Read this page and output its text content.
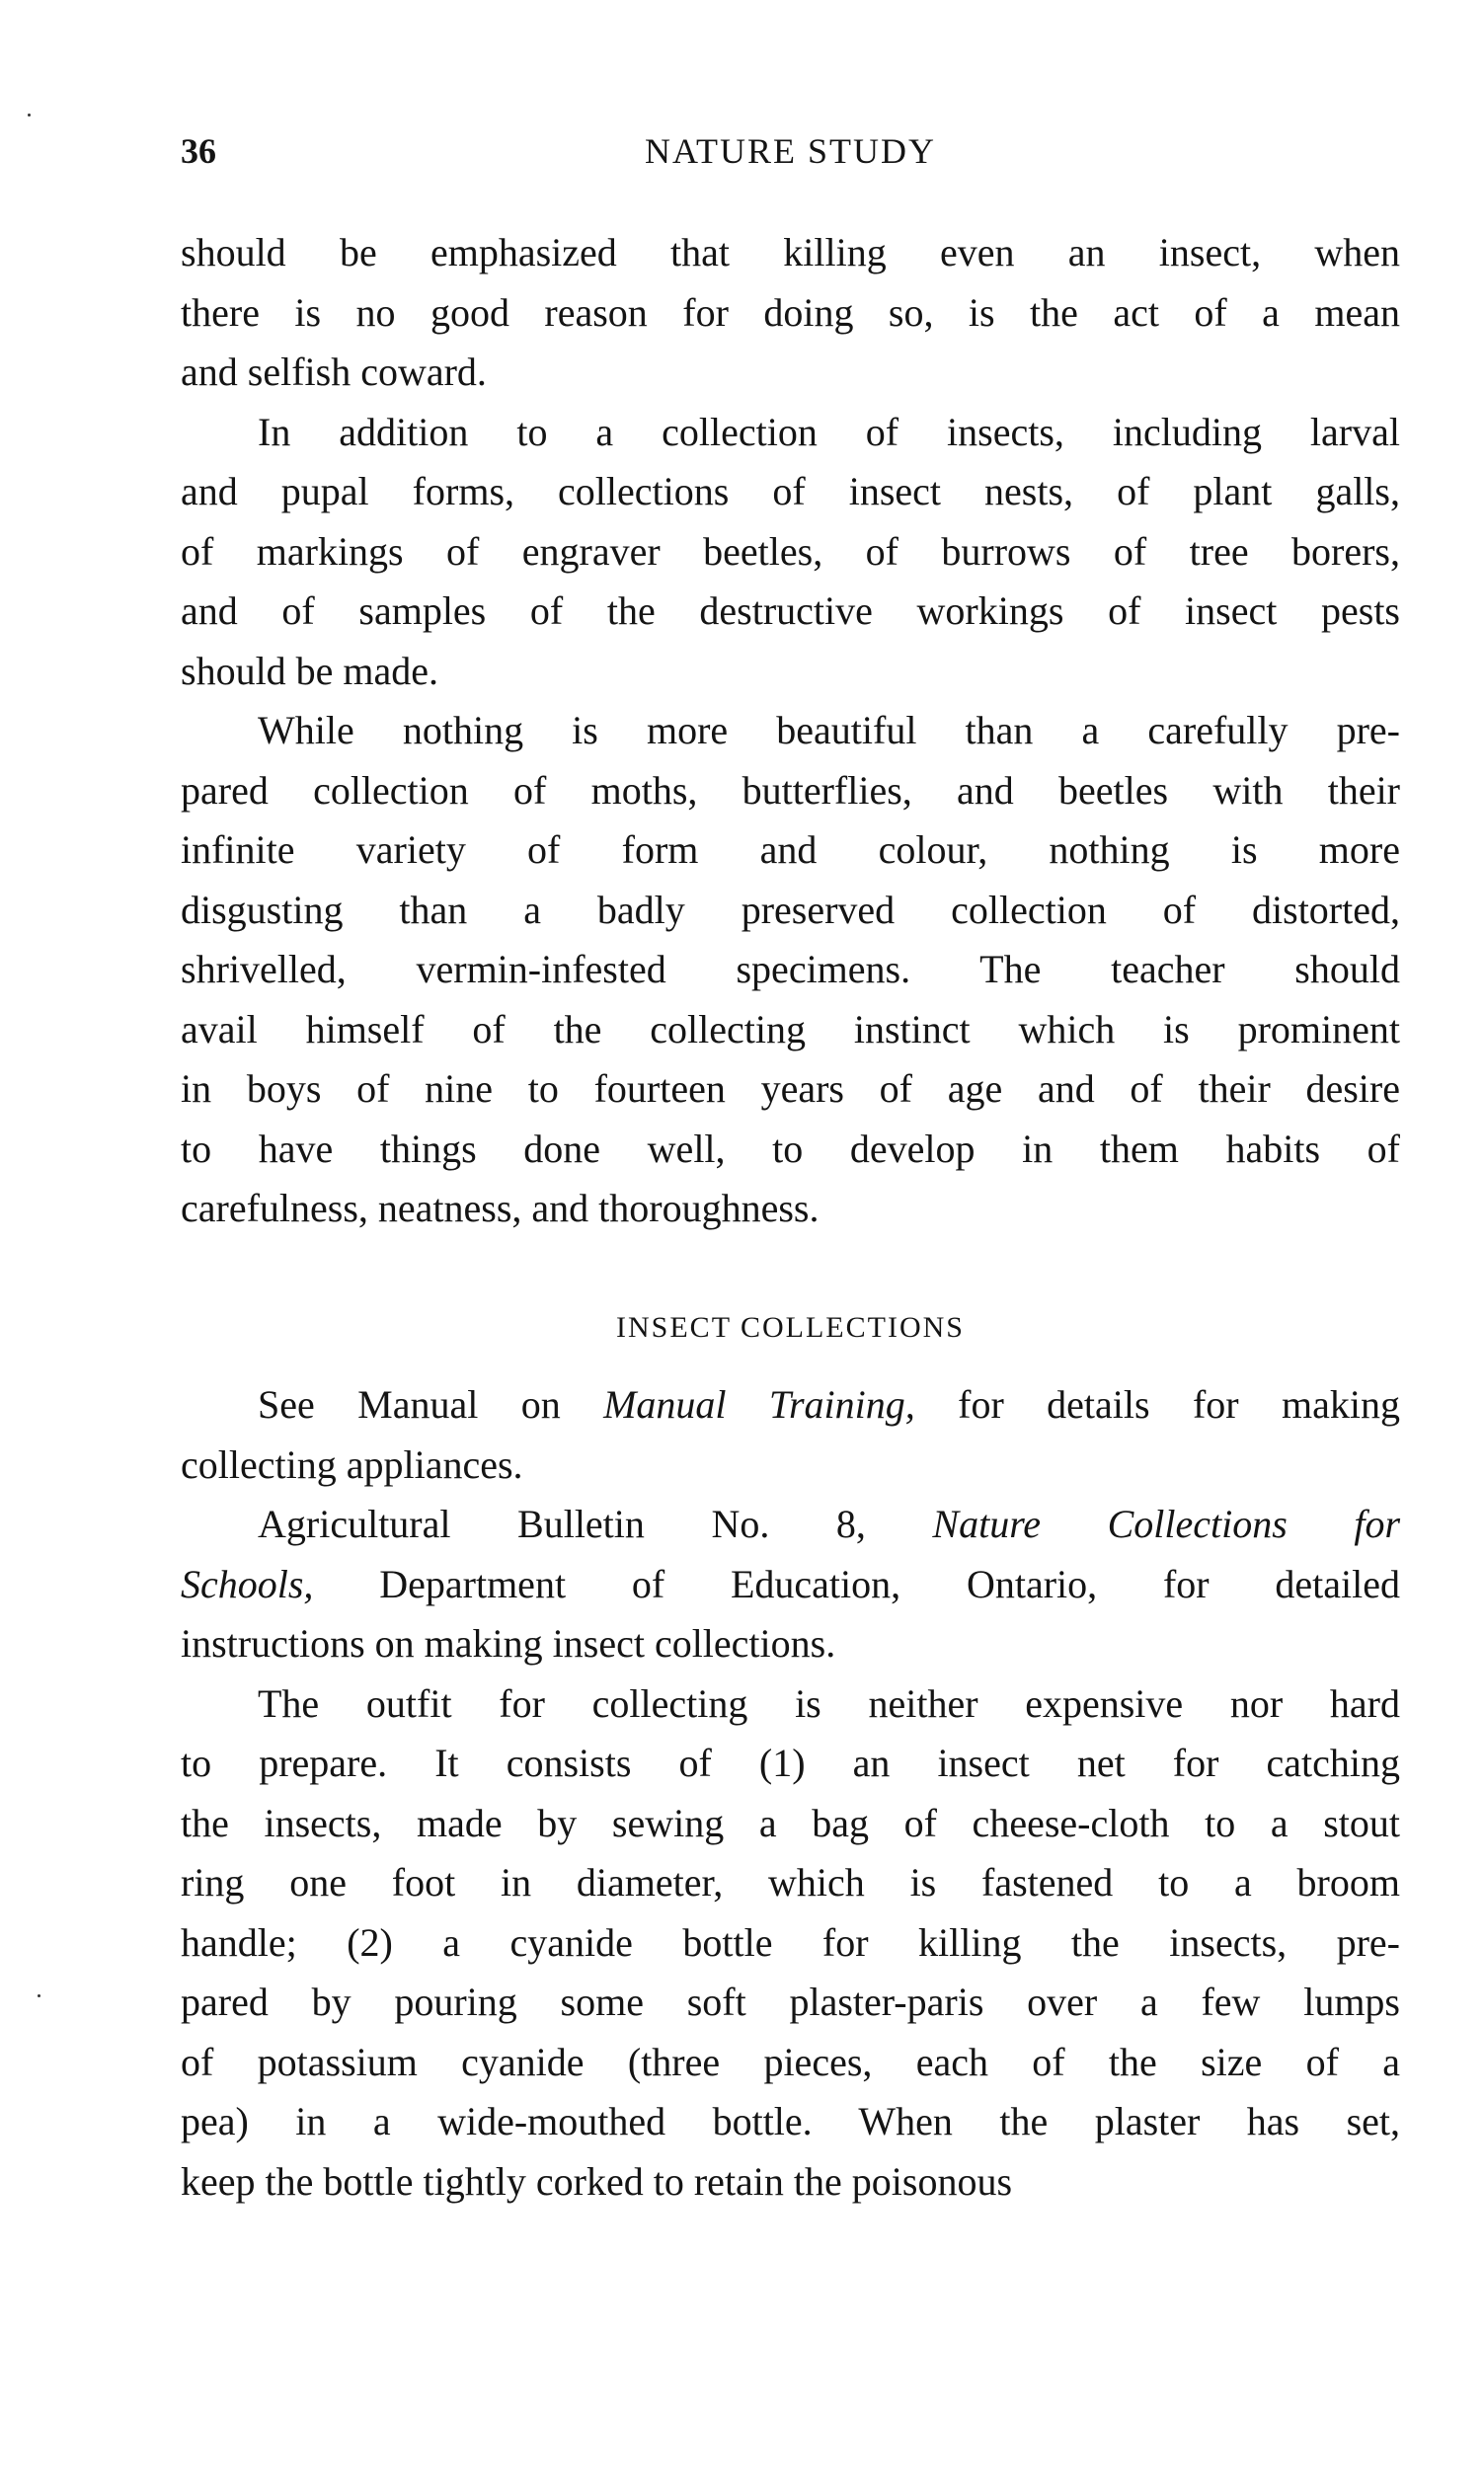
36	NATURE STUDY
should be emphasized that killing even an insect, when
there is no good reason for doing so, is the act of a mean
and selfish coward.
In addition to a collection of insects, including larval
and pupal forms, collections of insect nests, of plant galls,
of markings of engraver beetles, of burrows of tree borers,
and of samples of the destructive workings of insect pests
should be made.
While nothing is more beautiful than a carefully pre-
pared collection of moths, butterflies, and beetles with their
infinite variety of form and colour, nothing is more
disgusting than a badly preserved collection of distorted,
shrivelled, vermin-infested specimens. The teacher should
avail himself of the collecting instinct which is prominent
in boys of nine to fourteen years of age and of their desire
to have things done well, to develop in them habits of
carefulness, neatness, and thoroughness.
INSECT COLLECTIONS
See Manual on Manual Training, for details for making
collecting appliances.
Agricultural Bulletin No. 8, Nature Collections for
Schools, Department of Education, Ontario, for detailed
instructions on making insect collections.
The outfit for collecting is neither expensive nor hard
to prepare. It consists of (1) an insect net for catching
the insects, made by sewing a bag of cheese-cloth to a stout
ring one foot in diameter, which is fastened to a broom
handle; (2) a cyanide bottle for killing the insects, pre-
pared by pouring some soft plaster-paris over a few lumps
of potassium cyanide (three pieces, each of the size of a
pea) in a wide-mouthed bottle. When the plaster has set,
keep the bottle tightly corked to retain the poisonous
